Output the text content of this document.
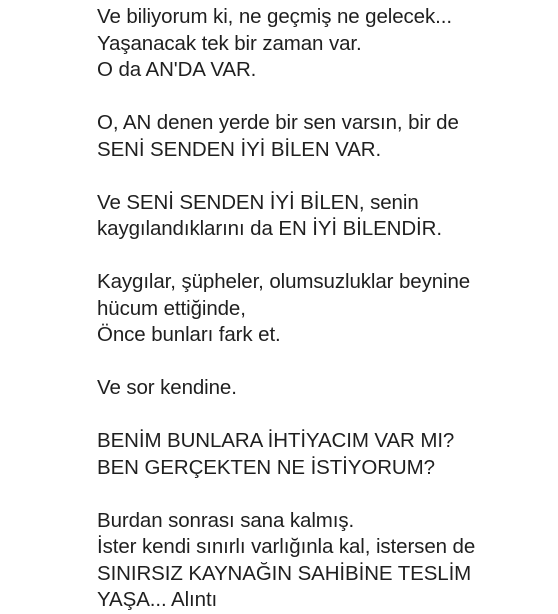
Ve biliyorum ki, ne geçmiş ne gelecek...
Yaşanacak tek bir zaman var.
O da AN'DA VAR.
O, AN denen yerde bir sen varsın, bir de
SENİ SENDEN İYİ BİLEN VAR.
Ve SENİ SENDEN İYİ BİLEN, senin
kaygılandıklarını da EN İYİ BİLENDİR.
Kaygılar, şüpheler, olumsuzluklar beynine
hücum ettiğinde,
Önce bunları fark et.
Ve sor kendine.
BENİM BUNLARA İHTİYACIM VAR MI?
BEN GERÇEKTEN NE İSTİYORUM?
Burdan sonrası sana kalmış.
İster kendi sınırlı varlığınla kal, istersen de
SINIRSIZ KAYNAĞIN SAHİBİNE TESLİM
YAŞA... Alıntı
